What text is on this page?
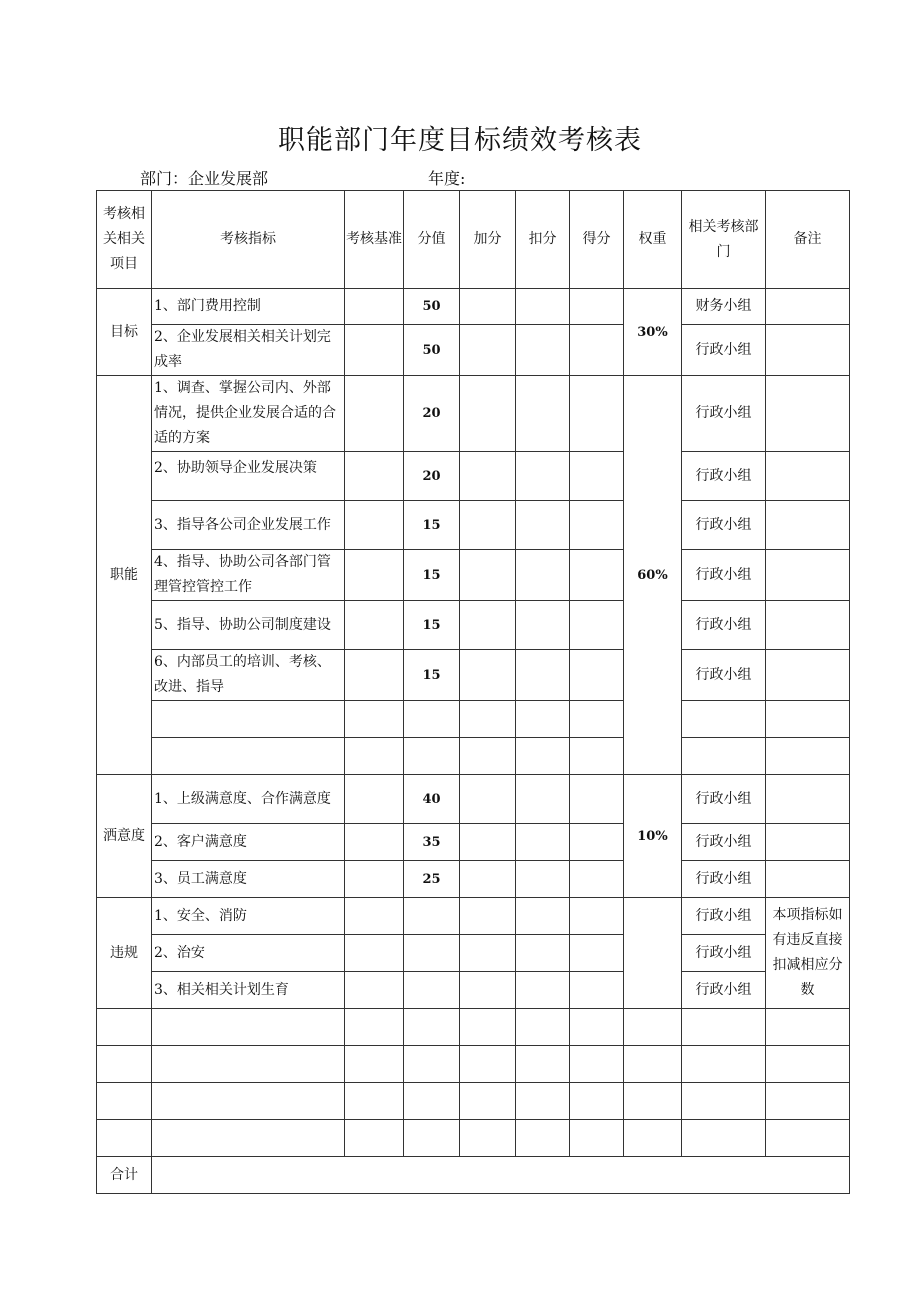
职能部门年度目标绩效考核表
部门：企业发展部	年度:
考核相关相关项目	考核指标	考核基准	分值	加分	扣分	得分	权重	相关考核部门	备注
目标	1、部门费用控制		50				30%	财务小组	
	2、企业发展相关相关计划完成率		50					行政小组	
职能	1、调查、掌握公司内、外部情况，提供企业发展合适的合适的方案		20				60%	行政小组	
	2、协助领导企业发展决策		20					行政小组	
	3、指导各公司企业发展工作		15					行政小组	
	4、指导、协助公司各部门管理管控管控工作		15					行政小组	
	5、指导、协助公司制度建设		15					行政小组	
	6、内部员工的培训、考核、改进、指导		15					行政小组	

洒意度	1、上级满意度、合作满意度		40				10%	行政小组	
	2、客户满意度		35					行政小组	
	3、员工满意度		25					行政小组	
违规	1、安全、消防							行政小组	本项指标如有违反直接扣减相应分数
	2、治安							行政小组	
	3、相关相关计划生育							行政小组	

合计									
